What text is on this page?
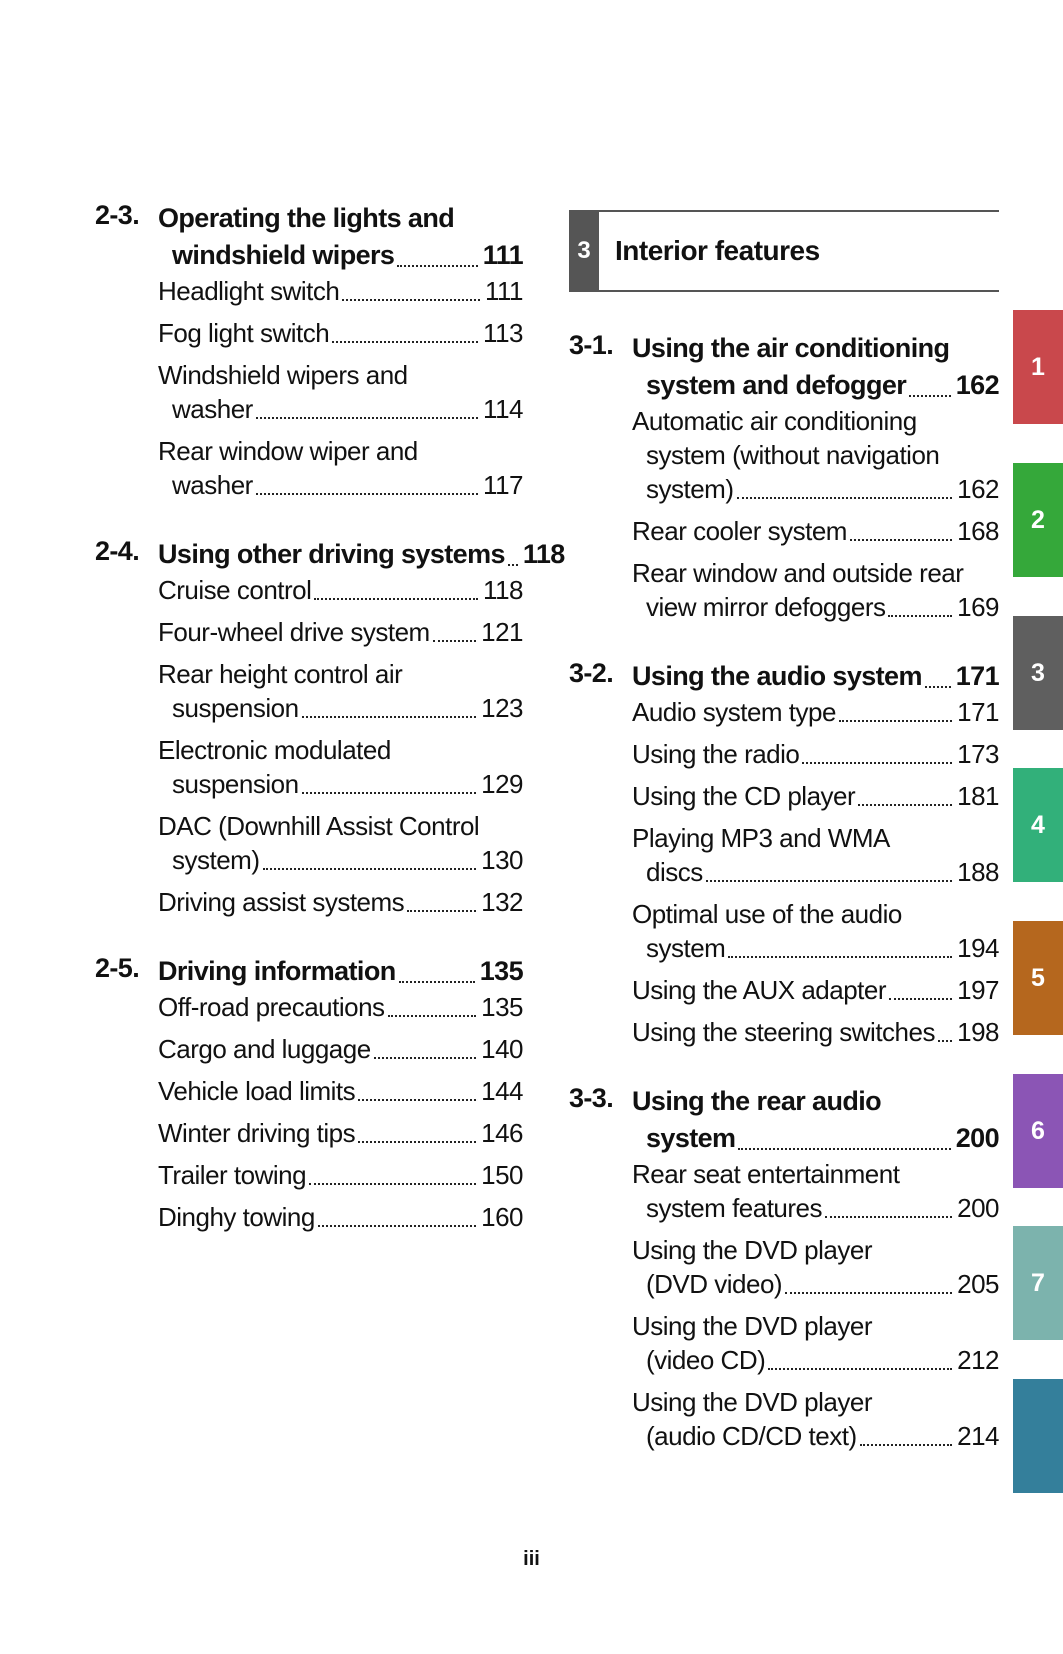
2-3. Operating the lights and
windshield wipers	111
Headlight switch	111
Fog light switch	113
Windshield wipers and
washer	114
Rear window wiper and
washer	117
2-4. Using other driving systems 118
Cruise control	118
Four-wheel drive system 121
Rear height control air
suspension	123
Electronic modulated
suspension	129
DAC (Downhill Assist Control
system)	130
Driving assist systems	132
2-5. Driving information	135
Off-road precautions	135
Cargo and luggage	140
Vehicle load limits	144
Winter driving tips	146
Trailer towing	150
Dinghy towing	160
3 Interior features
3-1. Using the air conditioning
system and defogger 162
Automatic air conditioning
system (without navigation
system)	162
Rear cooler system	168
Rear window and outside rear
view mirror defoggers	169
3-2. Using the audio system 171
Audio system type	171
Using the radio	173
Using the CD player	181
Playing MP3 and WMA
discs	188
Optimal use of the audio
system	194
Using the AUX adapter	197
Using the steering switches 198
3-3. Using the rear audio
system	200
Rear seat entertainment
system features	200
Using the DVD player
(DVD video)	205
Using the DVD player
(video CD)	212
Using the DVD player
(audio CD/CD text)	214
1
2
3
4
5
6
7
iii
